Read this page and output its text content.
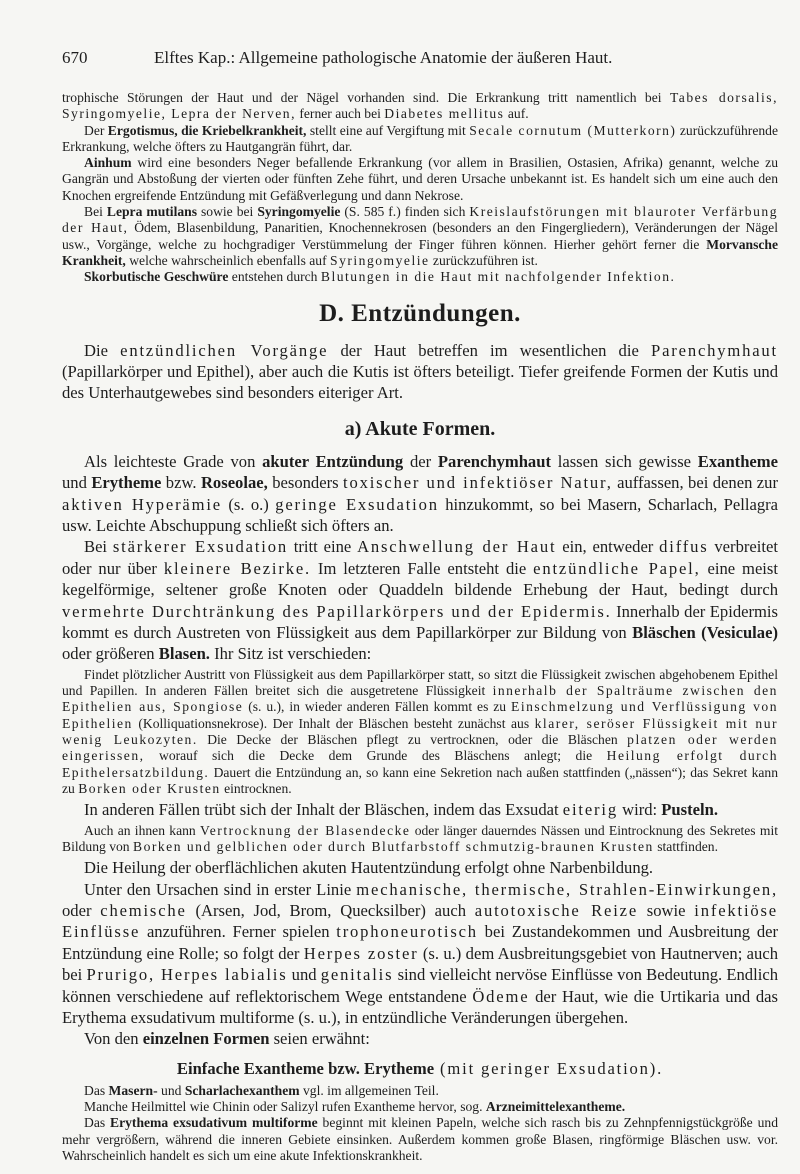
670	Elftes Kap.: Allgemeine pathologische Anatomie der äußeren Haut.

trophische Störungen der Haut und der Nägel vorhanden sind. Die Erkrankung tritt namentlich bei Tabes dorsalis, Syringomyelie, Lepra der Nerven, ferner auch bei Diabetes mellitus auf.

Der Ergotismus, die Kriebelkrankheit, stellt eine auf Vergiftung mit Secale cornutum (Mutterkorn) zurückzuführende Erkrankung, welche öfters zu Hautgangrän führt, dar.

Ainhum wird eine besonders Neger befallende Erkrankung (vor allem in Brasilien, Ostasien, Afrika) genannt, welche zu Gangrän und Abstoßung der vierten oder fünften Zehe führt, und deren Ursache unbekannt ist. Es handelt sich um eine auch den Knochen ergreifende Entzündung mit Gefäßverlegung und dann Nekrose.

Bei Lepra mutilans sowie bei Syringomyelie (S. 585 f.) finden sich Kreislaufstörungen mit blauroter Verfärbung der Haut, Ödem, Blasenbildung, Panaritien, Knochennekrosen (besonders an den Fingergliedern), Veränderungen der Nägel usw., Vorgänge, welche zu hochgradiger Verstümmelung der Finger führen können. Hierher gehört ferner die Morvansche Krankheit, welche wahrscheinlich ebenfalls auf Syringomyelie zurückzuführen ist.

Skorbutische Geschwüre entstehen durch Blutungen in die Haut mit nachfolgender Infektion.

D. Entzündungen.

Die entzündlichen Vorgänge der Haut betreffen im wesentlichen die Parenchymhaut (Papillarkörper und Epithel), aber auch die Kutis ist öfters beteiligt. Tiefer greifende Formen der Kutis und des Unterhautgewebes sind besonders eiteriger Art.

a) Akute Formen.

Als leichteste Grade von akuter Entzündung der Parenchymhaut lassen sich gewisse Exantheme und Erytheme bzw. Roseolae, besonders toxischer und infektiöser Natur, auffassen, bei denen zur aktiven Hyperämie (s. o.) geringe Exsudation hinzukommt, so bei Masern, Scharlach, Pellagra usw. Leichte Abschuppung schließt sich öfters an.

Bei stärkerer Exsudation tritt eine Anschwellung der Haut ein, entweder diffus verbreitet oder nur über kleinere Bezirke. Im letzteren Falle entsteht die entzündliche Papel, eine meist kegelförmige, seltener große Knoten oder Quaddeln bildende Erhebung der Haut, bedingt durch vermehrte Durchtränkung des Papillarkörpers und der Epidermis. Innerhalb der Epidermis kommt es durch Austreten von Flüssigkeit aus dem Papillarkörper zur Bildung von Bläschen (Vesiculae) oder größeren Blasen. Ihr Sitz ist verschieden:

Findet plötzlicher Austritt von Flüssigkeit aus dem Papillarkörper statt, so sitzt die Flüssigkeit zwischen abgehobenem Epithel und Papillen. In anderen Fällen breitet sich die ausgetretene Flüssigkeit innerhalb der Spalträume zwischen den Epithelien aus, Spongiose (s. u.), in wieder anderen Fällen kommt es zu Einschmelzung und Verflüssigung von Epithelien (Kolliquationsnekrose). Der Inhalt der Bläschen besteht zunächst aus klarer, seröser Flüssigkeit mit nur wenig Leukozyten. Die Decke der Bläschen pflegt zu vertrocknen, oder die Bläschen platzen oder werden eingerissen, worauf sich die Decke dem Grunde des Bläschens anlegt; die Heilung erfolgt durch Epithelersatzbildung. Dauert die Entzündung an, so kann eine Sekretion nach außen stattfinden („nässen“); das Sekret kann zu Borken oder Krusten eintrocknen.

In anderen Fällen trübt sich der Inhalt der Bläschen, indem das Exsudat eiterig wird: Pusteln.

Auch an ihnen kann Vertrocknung der Blasendecke oder länger dauerndes Nässen und Eintrocknung des Sekretes mit Bildung von Borken und gelblichen oder durch Blutfarbstoff schmutzig-braunen Krusten stattfinden.

Die Heilung der oberflächlichen akuten Hautentzündung erfolgt ohne Narbenbildung.

Unter den Ursachen sind in erster Linie mechanische, thermische, Strahlen-Einwirkungen, oder chemische (Arsen, Jod, Brom, Quecksilber) auch autotoxische Reize sowie infektiöse Einflüsse anzuführen. Ferner spielen trophoneurotisch bei Zustandekommen und Ausbreitung der Entzündung eine Rolle; so folgt der Herpes zoster (s. u.) dem Ausbreitungsgebiet von Hautnerven; auch bei Prurigo, Herpes labialis und genitalis sind vielleicht nervöse Einflüsse von Bedeutung. Endlich können verschiedene auf reflektorischem Wege entstandene Ödeme der Haut, wie die Urtikaria und das Erythema exsudativum multiforme (s. u.), in entzündliche Veränderungen übergehen.

Von den einzelnen Formen seien erwähnt:

Einfache Exantheme bzw. Erytheme (mit geringer Exsudation).

Das Masern- und Scharlachexanthem vgl. im allgemeinen Teil.

Manche Heilmittel wie Chinin oder Salizyl rufen Exantheme hervor, sog. Arzneimittelexantheme.

Das Erythema exsudativum multiforme beginnt mit kleinen Papeln, welche sich rasch bis zu Zehnpfennigstückgröße und mehr vergrößern, während die inneren Gebiete einsinken. Außerdem kommen große Blasen, ringförmige Bläschen usw. vor. Wahrscheinlich handelt es sich um eine akute Infektionskrankheit.
